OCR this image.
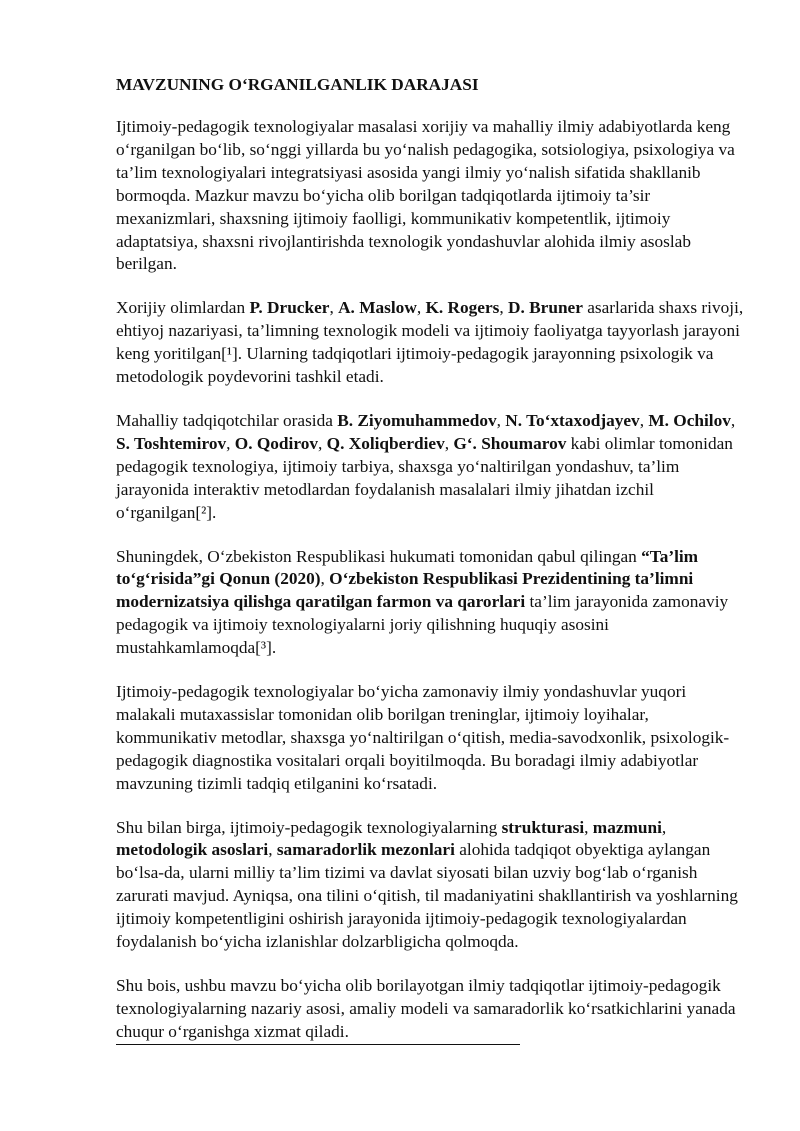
MAVZUNING O‘RGANILGANLIK DARAJASI

Ijtimoiy-pedagogik texnologiyalar masalasi xorijiy va mahalliy ilmiy adabiyotlarda keng o‘rganilgan bo‘lib, so‘nggi yillarda bu yo‘nalish pedagogika, sotsiologiya, psixologiya va ta’lim texnologiyalari integratsiyasi asosida yangi ilmiy yo‘nalish sifatida shakllanib bormoqda. Mazkur mavzu bo‘yicha olib borilgan tadqiqotlarda ijtimoiy ta’sir mexanizmlari, shaxsning ijtimoiy faolligi, kommunikativ kompetentlik, ijtimoiy adaptatsiya, shaxsni rivojlantirishda texnologik yondashuvlar alohida ilmiy asoslab berilgan.

Xorijiy olimlardan P. Drucker, A. Maslow, K. Rogers, D. Bruner asarlarida shaxs rivoji, ehtiyoj nazariyasi, ta’limning texnologik modeli va ijtimoiy faoliyatga tayyorlash jarayoni keng yoritilgan[¹]. Ularning tadqiqotlari ijtimoiy-pedagogik jarayonning psixologik va metodologik poydevorini tashkil etadi.

Mahalliy tadqiqotchilar orasida B. Ziyomuhammedov, N. To‘xtaxodjayev, M. Ochilov, S. Toshtemirov, O. Qodirov, Q. Xoliqberdiev, G‘. Shoumarov kabi olimlar tomonidan pedagogik texnologiya, ijtimoiy tarbiya, shaxsga yo‘naltirilgan yondashuv, ta’lim jarayonida interaktiv metodlardan foydalanish masalalari ilmiy jihatdan izchil o‘rganilgan[²].

Shuningdek, O‘zbekiston Respublikasi hukumati tomonidan qabul qilingan “Ta’lim to‘g‘risida”gi Qonun (2020), O‘zbekiston Respublikasi Prezidentining ta’limni modernizatsiya qilishga qaratilgan farmon va qarorlari ta’lim jarayonida zamonaviy pedagogik va ijtimoiy texnologiyalarni joriy qilishning huquqiy asosini mustahkamlamoqda[³].

Ijtimoiy-pedagogik texnologiyalar bo‘yicha zamonaviy ilmiy yondashuvlar yuqori malakali mutaxassislar tomonidan olib borilgan treninglar, ijtimoiy loyihalar, kommunikativ metodlar, shaxsga yo‘naltirilgan o‘qitish, media-savodxonlik, psixologik-pedagogik diagnostika vositalari orqali boyitilmoqda. Bu boradagi ilmiy adabiyotlar mavzuning tizimli tadqiq etilganini ko‘rsatadi.

Shu bilan birga, ijtimoiy-pedagogik texnologiyalarning strukturasi, mazmuni, metodologik asoslari, samaradorlik mezonlari alohida tadqiqot obyektiga aylangan bo‘lsa-da, ularni milliy ta’lim tizimi va davlat siyosati bilan uzviy bog‘lab o‘rganish zarurati mavjud. Ayniqsa, ona tilini o‘qitish, til madaniyatini shakllantirish va yoshlarning ijtimoiy kompetentligini oshirish jarayonida ijtimoiy-pedagogik texnologiyalardan foydalanish bo‘yicha izlanishlar dolzarbligicha qolmoqda.

Shu bois, ushbu mavzu bo‘yicha olib borilayotgan ilmiy tadqiqotlar ijtimoiy-pedagogik texnologiyalarning nazariy asosi, amaliy modeli va samaradorlik ko‘rsatkichlarini yanada chuqur o‘rganishga xizmat qiladi.
